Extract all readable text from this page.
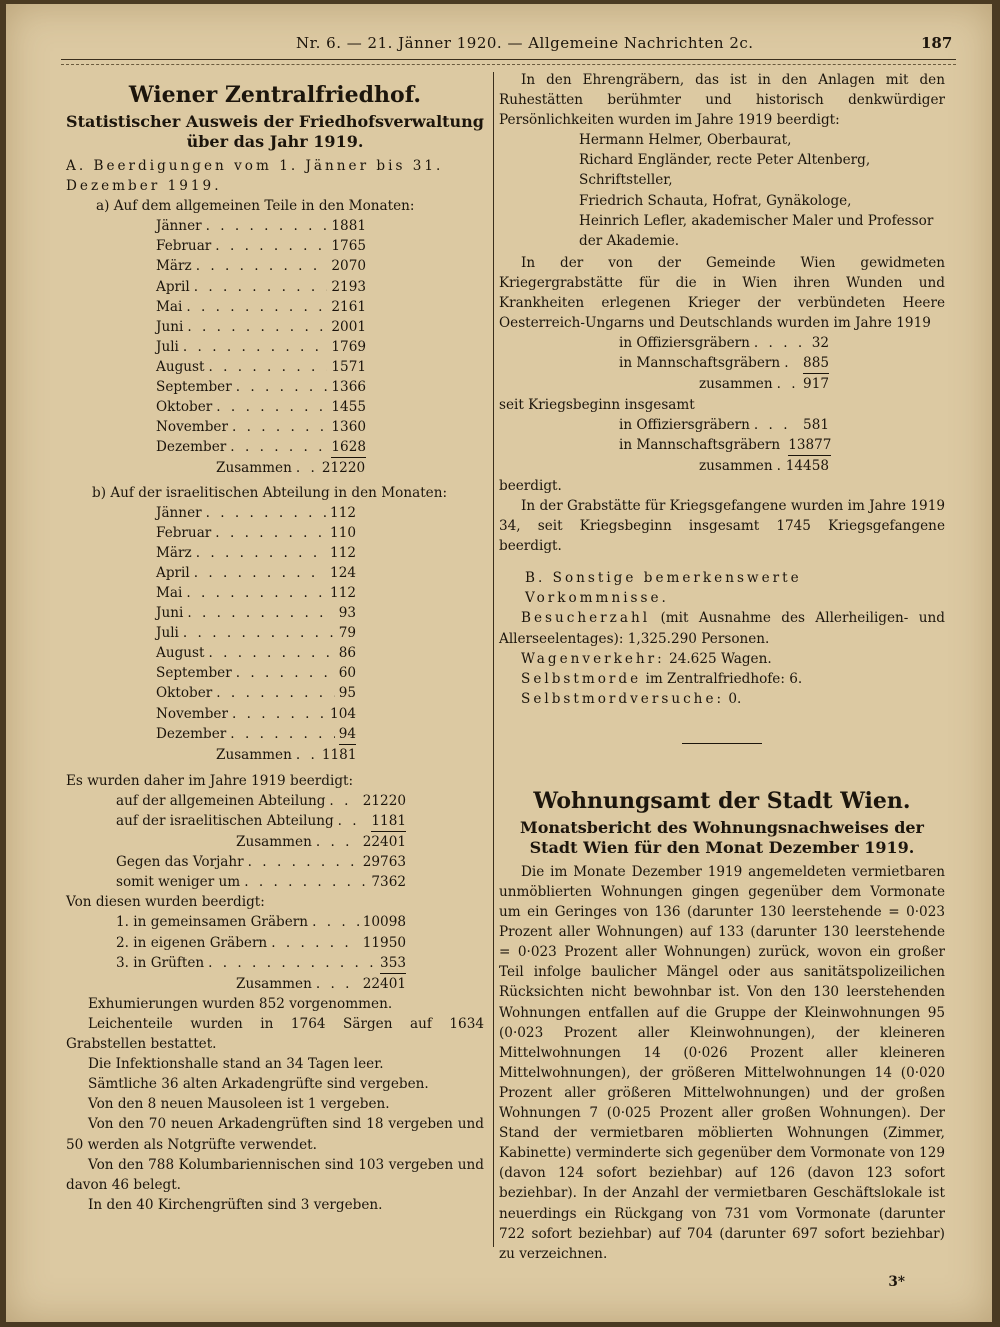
Nr. 6. — 21. Jänner 1920. — Allgemeine Nachrichten 2c.	187
Wiener Zentralfriedhof.
Statistischer Ausweis der Friedhofsverwaltung über das Jahr 1919.

A. Beerdigungen vom 1. Jänner bis 31. Dezember 1919.

a) Auf dem allgemeinen Teile in den Monaten:

Jänner . . .	1881
Februar . . .	1765
März . . .	2070
April . . .	2193
Mai . . .	2161
Juni . . .	2001
Juli . . .	1769
August . . .	1571
September . . .	1366
Oktober . . .	1455
November . . .	1360
Dezember . . .	1628
Zusammen . . . 21220

b) Auf der israelitischen Abteilung in den Monaten:

Jänner . . .	112
Februar . . .	110
März . . .	112
April . . .	124
Mai . . .	112
Juni . . .	93
Juli . . .	79
August . . .	86
September . . .	60
Oktober . . .	95
November . . .	104
Dezember . . .	94
Zusammen . . . 1181

Es wurden daher im Jahre 1919 beerdigt:

auf der allgemeinen Abteilung . . .	21220
auf der israelitischen Abteilung . . .	1181
Zusammen . . .	22401
Gegen das Vorjahr . . .	29763
somit weniger um . . .	7362

Von diesen wurden beerdigt:

1. in gemeinsamen Gräbern . . .	10098
2. in eigenen Gräbern . . .	11950
3. in Grüften . . .	353
Zusammen . . .	22401

Exhumierungen wurden 852 vorgenommen.

Leichenteile wurden in 1764 Särgen auf 1634 Grabstellen bestattet.

Die Infektionshalle stand an 34 Tagen leer.

Sämtliche 36 alten Arkadengrüfte sind vergeben.

Von den 8 neuen Mausoleen ist 1 vergeben.

Von den 70 neuen Arkadengrüften sind 18 vergeben und 50 werden als Notgrüfte verwendet.

Von den 788 Kolumbariennischen sind 103 vergeben und davon 46 belegt.

In den 40 Kirchengrüften sind 3 vergeben.

In den Ehrengräbern, das ist in den Anlagen mit den Ruhestätten berühmter und historisch denkwürdiger Persönlichkeiten wurden im Jahre 1919 beerdigt:

Hermann Helmer, Oberbaurat,

Richard Engländer, recte Peter Altenberg, Schriftsteller,

Friedrich Schauta, Hofrat, Gynäkologe,

Heinrich Lefler, akademischer Maler und Professor der Akademie.

In der von der Gemeinde Wien gewidmeten Kriegergrabstätte für die in Wien ihren Wunden und Krankheiten erlegenen Krieger der verbündeten Heere Oesterreich-Ungarns und Deutschlands wurden im Jahre 1919

in Offiziersgräbern . . .	32
in Mannschaftsgräbern . . . 885
zusammen . . . 917

seit Kriegsbeginn insgesamt

in Offiziersgräbern . . .	581
in Mannschaftsgräbern 13877
zusammen . . . 14458

beerdigt.

In der Grabstätte für Kriegsgefangene wurden im Jahre 1919 34, seit Kriegsbeginn insgesamt 1745 Kriegsgefangene beerdigt.

B. Sonstige bemerkenswerte Vorkommnisse.

Besucherzahl (mit Ausnahme des Allerheiligen- und Allerseelentages): 1,325.290 Personen.

Wagenverkehr: 24.625 Wagen.

Selbstmorde im Zentralfriedhofe: 6.

Selbstmordversuche: 0.

Wohnungsamt der Stadt Wien.
Monatsbericht des Wohnungsnachweises der Stadt Wien für den Monat Dezember 1919.

Die im Monate Dezember 1919 angemeldeten vermietbaren unmöblierten Wohnungen gingen gegenüber dem Vormonate um ein Geringes von 136 (darunter 130 leerstehende = 0·023 Prozent aller Wohnungen) auf 133 (darunter 130 leerstehende = 0·023 Prozent aller Wohnungen) zurück, wovon ein großer Teil infolge baulicher Mängel oder aus sanitätspolizeilichen Rücksichten nicht bewohnbar ist. Von den 130 leerstehenden Wohnungen entfallen auf die Gruppe der Kleinwohnungen 95 (0·023 Prozent aller Kleinwohnungen), der kleineren Mittelwohnungen 14 (0·026 Prozent aller kleineren Mittelwohnungen), der größeren Mittelwohnungen 14 (0·020 Prozent aller größeren Mittelwohnungen) und der großen Wohnungen 7 (0·025 Prozent aller großen Wohnungen). Der Stand der vermietbaren möblierten Wohnungen (Zimmer, Kabinette) verminderte sich gegenüber dem Vormonate von 129 (davon 124 sofort beziehbar) auf 126 (davon 123 sofort beziehbar). In der Anzahl der vermietbaren Geschäftslokale ist neuerdings ein Rückgang von 731 vom Vormonate (darunter 722 sofort beziehbar) auf 704 (darunter 697 sofort beziehbar) zu verzeichnen.

3*
